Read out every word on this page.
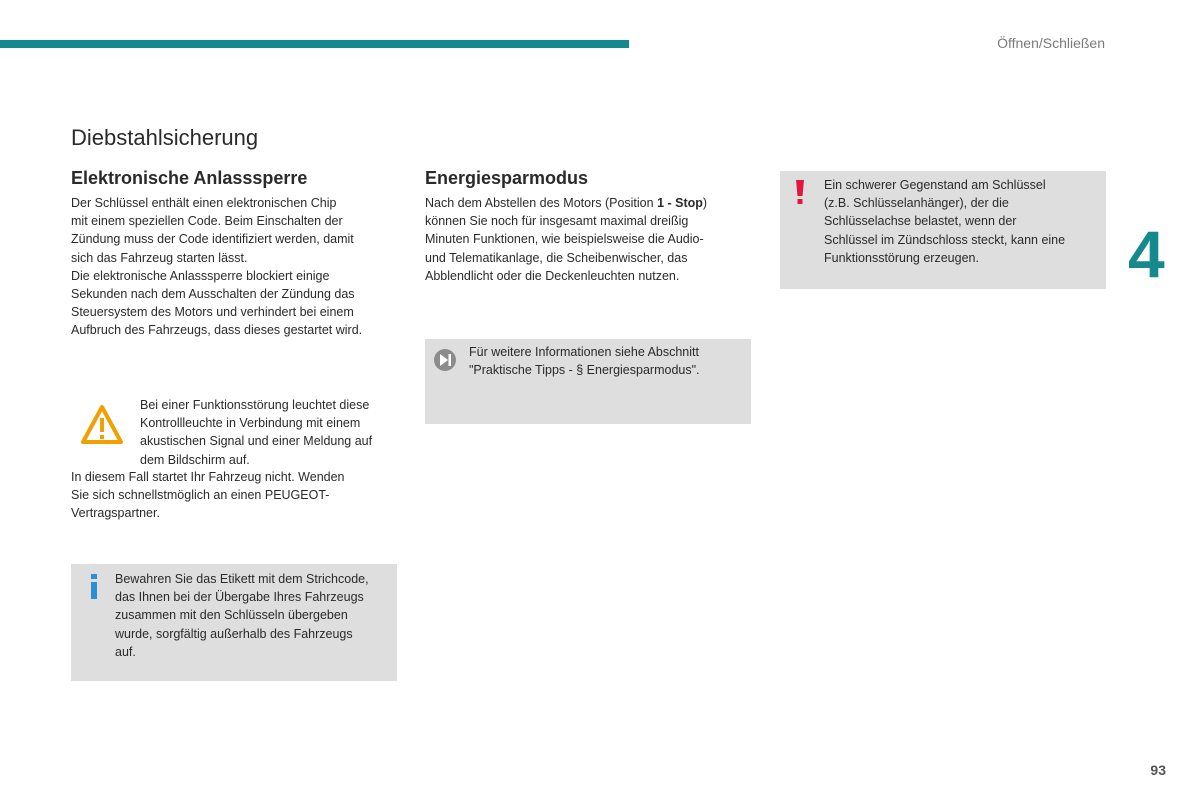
Öffnen/Schließen
Diebstahlsicherung
Elektronische Anlasssperre
Der Schlüssel enthält einen elektronischen Chip
mit einem speziellen Code. Beim Einschalten der
Zündung muss der Code identifiziert werden, damit
sich das Fahrzeug starten lässt.
Die elektronische Anlasssperre blockiert einige
Sekunden nach dem Ausschalten der Zündung das
Steuersystem des Motors und verhindert bei einem
Aufbruch des Fahrzeugs, dass dieses gestartet wird.
Bei einer Funktionsstörung leuchtet diese
Kontrollleuchte in Verbindung mit einem
akustischen Signal und einer Meldung auf
dem Bildschirm auf.
In diesem Fall startet Ihr Fahrzeug nicht. Wenden
Sie sich schnellstmöglich an einen PEUGEOT-
Vertragspartner.
Bewahren Sie das Etikett mit dem Strichcode,
das Ihnen bei der Übergabe Ihres Fahrzeugs
zusammen mit den Schlüsseln übergeben
wurde, sorgfältig außerhalb des Fahrzeugs
auf.
Energiesparmodus
Nach dem Abstellen des Motors (Position 1 - Stop)
können Sie noch für insgesamt maximal dreißig
Minuten Funktionen, wie beispielsweise die Audio-
und Telematikanlage, die Scheibenwischer, das
Abblendlicht oder die Deckenleuchten nutzen.
Für weitere Informationen siehe Abschnitt
"Praktische Tipps - § Energiesparmodus".
Ein schwerer Gegenstand am Schlüssel
(z.B. Schlüsselanhänger), der die
Schlüsselachse belastet, wenn der
Schlüssel im Zündschloss steckt, kann eine
Funktionsstörung erzeugen.	4
93
